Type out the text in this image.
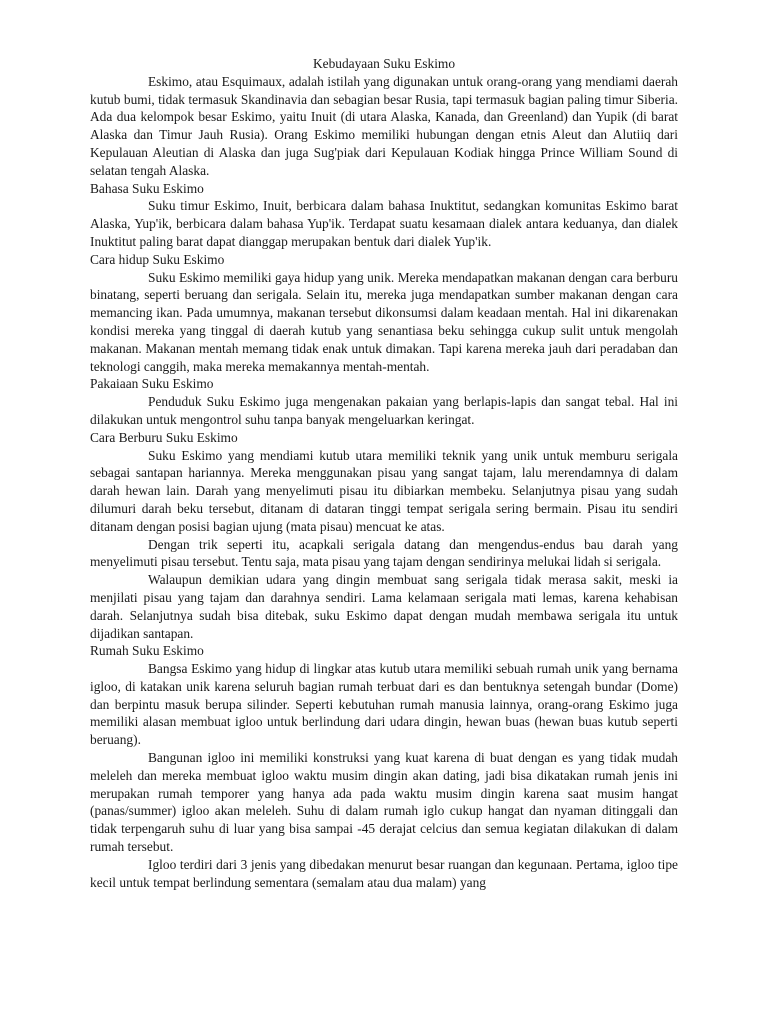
Kebudayaan Suku Eskimo

Eskimo, atau Esquimaux, adalah istilah yang digunakan untuk orang-orang yang mendiami daerah kutub bumi, tidak termasuk Skandinavia dan sebagian besar Rusia, tapi termasuk bagian paling timur Siberia. Ada dua kelompok besar Eskimo, yaitu Inuit (di utara Alaska, Kanada, dan Greenland) dan Yupik (di barat Alaska dan Timur Jauh Rusia). Orang Eskimo memiliki hubungan dengan etnis Aleut dan Alutiiq dari Kepulauan Aleutian di Alaska dan juga Sug'piak dari Kepulauan Kodiak hingga Prince William Sound di selatan tengah Alaska.

Bahasa Suku Eskimo

Suku timur Eskimo, Inuit, berbicara dalam bahasa Inuktitut, sedangkan komunitas Eskimo barat Alaska, Yup'ik, berbicara dalam bahasa Yup'ik. Terdapat suatu kesamaan dialek antara keduanya, dan dialek Inuktitut paling barat dapat dianggap merupakan bentuk dari dialek Yup'ik.

Cara hidup Suku Eskimo

Suku Eskimo memiliki gaya hidup yang unik. Mereka mendapatkan makanan dengan cara berburu binatang, seperti beruang dan serigala. Selain itu, mereka juga mendapatkan sumber makanan dengan cara memancing ikan. Pada umumnya, makanan tersebut dikonsumsi dalam keadaan mentah. Hal ini dikarenakan kondisi mereka yang tinggal di daerah kutub yang senantiasa beku sehingga cukup sulit untuk mengolah makanan. Makanan mentah memang tidak enak untuk dimakan. Tapi karena mereka jauh dari peradaban dan teknologi canggih, maka mereka memakannya mentah-mentah.

Pakaiaan Suku Eskimo

Penduduk Suku Eskimo juga mengenakan pakaian yang berlapis-lapis dan sangat tebal. Hal ini dilakukan untuk mengontrol suhu tanpa banyak mengeluarkan keringat.

Cara Berburu Suku Eskimo

Suku Eskimo yang mendiami kutub utara memiliki teknik yang unik untuk memburu serigala sebagai santapan hariannya. Mereka menggunakan pisau yang sangat tajam, lalu merendamnya di dalam darah hewan lain. Darah yang menyelimuti pisau itu dibiarkan membeku. Selanjutnya pisau yang sudah dilumuri darah beku tersebut, ditanam di dataran tinggi tempat serigala sering bermain. Pisau itu sendiri ditanam dengan posisi bagian ujung (mata pisau) mencuat ke atas.

Dengan trik seperti itu, acapkali serigala datang dan mengendus-endus bau darah yang menyelimuti pisau tersebut. Tentu saja, mata pisau yang tajam dengan sendirinya melukai lidah si serigala.

Walaupun demikian udara yang dingin membuat sang serigala tidak merasa sakit, meski ia menjilati pisau yang tajam dan darahnya sendiri. Lama kelamaan serigala mati lemas, karena kehabisan darah. Selanjutnya sudah bisa ditebak, suku Eskimo dapat dengan mudah membawa serigala itu untuk dijadikan santapan.

Rumah Suku Eskimo

Bangsa Eskimo yang hidup di lingkar atas kutub utara memiliki sebuah rumah unik yang bernama igloo, di katakan unik karena seluruh bagian rumah terbuat dari es dan bentuknya setengah bundar (Dome) dan berpintu masuk berupa silinder. Seperti kebutuhan rumah manusia lainnya, orang-orang Eskimo juga memiliki alasan membuat igloo untuk berlindung dari udara dingin, hewan buas (hewan buas kutub seperti beruang).

Bangunan igloo ini memiliki konstruksi yang kuat karena di buat dengan es yang tidak mudah meleleh dan mereka membuat igloo waktu musim dingin akan dating, jadi bisa dikatakan rumah jenis ini merupakan rumah temporer yang hanya ada pada waktu musim dingin karena saat musim hangat (panas/summer) igloo akan meleleh. Suhu di dalam rumah iglo cukup hangat dan nyaman ditinggali dan tidak terpengaruh suhu di luar yang bisa sampai -45 derajat celcius dan semua kegiatan dilakukan di dalam rumah tersebut.

Igloo terdiri dari 3 jenis yang dibedakan menurut besar ruangan dan kegunaan. Pertama, igloo tipe kecil untuk tempat berlindung sementara (semalam atau dua malam) yang
